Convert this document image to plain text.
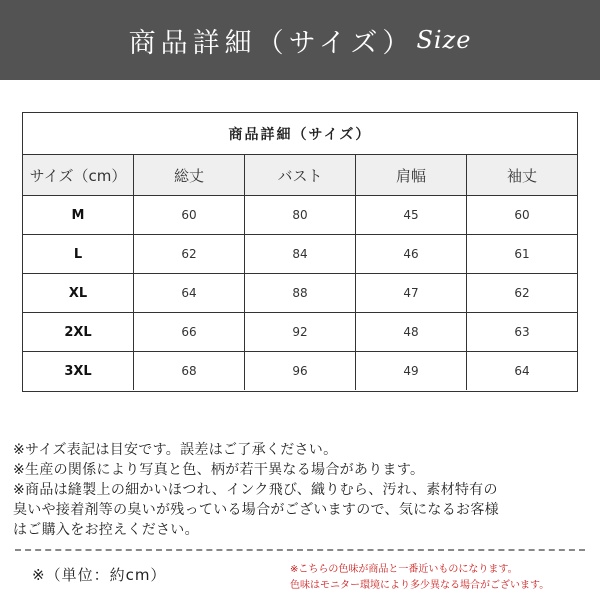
商品詳細（サイズ） Size
商品詳細（サイズ）
サイズ（cm）	総丈	バスト	肩幅	袖丈
M	60	80	45	60
L	62	84	46	61
XL	64	88	47	62
2XL	66	92	48	63
3XL	68	96	49	64
※サイズ表記は目安です。誤差はご了承ください。
※生産の関係により写真と色、柄が若干異なる場合があります。
※商品は縫製上の細かいほつれ、インク飛び、織りむら、汚れ、素材特有の
臭いや接着剤等の臭いが残っている場合がございますので、気になるお客様
はご購入をお控えください。
※（単位：約cm）	※こちらの色味が商品と一番近いものになります。
色味はモニター環境により多少異なる場合がございます。
